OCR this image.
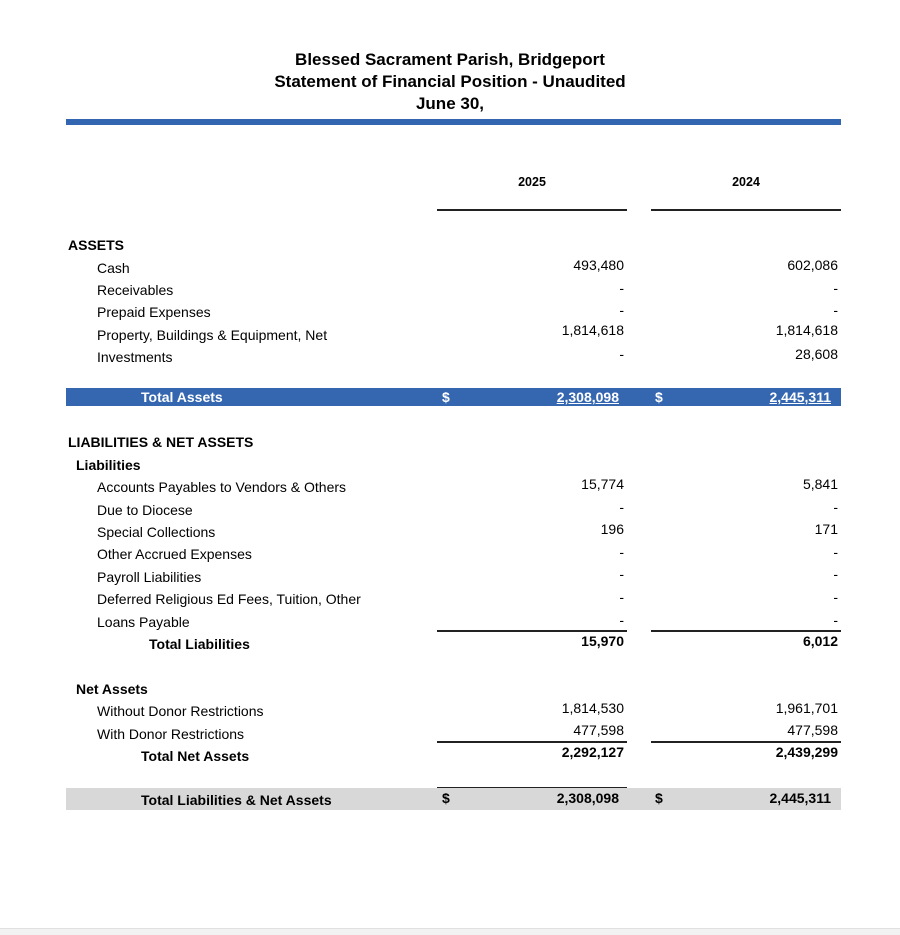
Blessed Sacrament Parish, Bridgeport
Statement of Financial Position - Unaudited
June 30,
2025	2024
ASSETS
Cash	493,480	602,086
Receivables	-	-
Prepaid Expenses	-	-
Property, Buildings & Equipment, Net	1,814,618	1,814,618
Investments	-	28,608
Total Assets	$	2,308,098	$	2,445,311
LIABILITIES & NET ASSETS
Liabilities
Accounts Payables to Vendors & Others	15,774	5,841
Due to Diocese	-	-
Special Collections	196	171
Other Accrued Expenses	-	-
Payroll Liabilities	-	-
Deferred Religious Ed Fees, Tuition, Other	-	-
Loans Payable	-	-
Total Liabilities	15,970	6,012
Net Assets
Without Donor Restrictions	1,814,530	1,961,701
With Donor Restrictions	477,598	477,598
Total Net Assets	2,292,127	2,439,299
Total Liabilities & Net Assets	$	2,308,098	$	2,445,311
